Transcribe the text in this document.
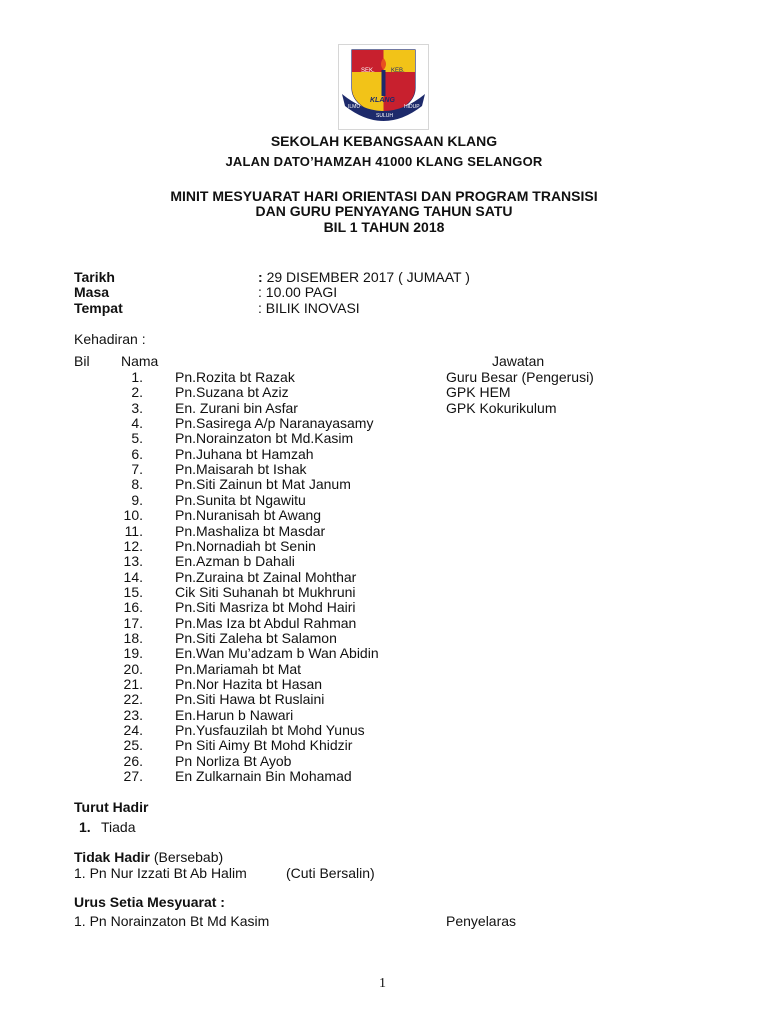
SEK.	KEB.
KLANG
ILMU
SULUH
HIDUP
SEKOLAH KEBANGSAAN KLANG
JALAN DATO’HAMZAH 41000 KLANG SELANGOR
MINIT MESYUARAT HARI ORIENTASI DAN PROGRAM TRANSISI
DAN GURU PENYAYANG TAHUN SATU
BIL 1 TAHUN 2018
Tarikh	: 29 DISEMBER 2017 ( JUMAAT )
Masa	: 10.00 PAGI
Tempat	: BILIK INOVASI
Kehadiran :
Bil Nama	Jawatan
1. Pn.Rozita bt Razak	Guru Besar (Pengerusi)
2. Pn.Suzana bt Aziz	GPK HEM
3. En. Zurani bin Asfar	GPK Kokurikulum
4. Pn.Sasirega A/p Naranayasamy
5. Pn.Norainzaton bt Md.Kasim
6. Pn.Juhana bt Hamzah
7. Pn.Maisarah bt Ishak
8. Pn.Siti Zainun bt Mat Janum
9. Pn.Sunita bt Ngawitu
10. Pn.Nuranisah bt Awang
11. Pn.Mashaliza bt Masdar
12. Pn.Nornadiah bt Senin
13. En.Azman b Dahali
14. Pn.Zuraina bt Zainal Mohthar
15. Cik Siti Suhanah bt Mukhruni
16. Pn.Siti Masriza bt Mohd Hairi
17. Pn.Mas Iza bt Abdul Rahman
18. Pn.Siti Zaleha bt Salamon
19. En.Wan Mu’adzam b Wan Abidin
20. Pn.Mariamah bt Mat
21. Pn.Nor Hazita bt Hasan
22. Pn.Siti Hawa bt Ruslaini
23. En.Harun b Nawari
24. Pn.Yusfauzilah bt Mohd Yunus
25. Pn Siti Aimy Bt Mohd Khidzir
26. Pn Norliza Bt Ayob
27. En Zulkarnain Bin Mohamad
Turut Hadir
1. Tiada
Tidak Hadir (Bersebab)
1. Pn Nur Izzati Bt Ab Halim	(Cuti Bersalin)
Urus Setia Mesyuarat :
1. Pn Norainzaton Bt Md Kasim	Penyelaras
1
